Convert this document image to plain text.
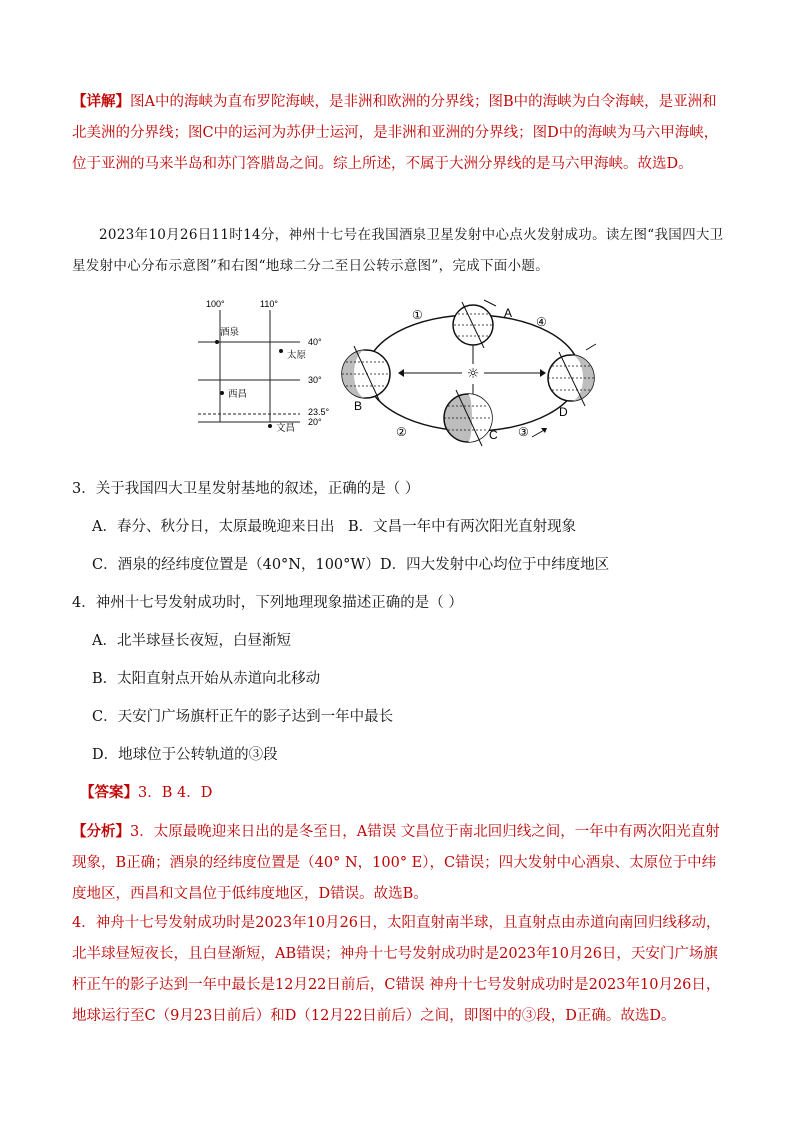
【详解】图A中的海峡为直布罗陀海峡，是非洲和欧洲的分界线；图B中的海峡为白令海峡，是亚洲和北美洲的分界线；图C中的运河为苏伊士运河，是非洲和亚洲的分界线；图D中的海峡为马六甲海峡，位于亚洲的马来半岛和苏门答腊岛之间。综上所述，不属于大洲分界线的是马六甲海峡。故选D。
2023年10月26日11时14分，神州十七号在我国酒泉卫星发射中心点火发射成功。读左图“我国四大卫星发射中心分布示意图”和右图“地球二分二至日公转示意图”，完成下面小题。
100°	110°
40°
30°
23.5°
20°
酒泉
太原
西昌
文昌
☼
A
B
C
D
①
②	③
④
3．关于我国四大卫星发射基地的叙述，正确的是（ ）
A．春分、秋分日，太原最晚迎来日出 B．文昌一年中有两次阳光直射现象
C．酒泉的经纬度位置是（40°N，100°W） D．四大发射中心均位于中纬度地区
4．神州十七号发射成功时，下列地理现象描述正确的是（ ）
A．北半球昼长夜短，白昼渐短
B．太阳直射点开始从赤道向北移动
C．天安门广场旗杆正午的影子达到一年中最长
D．地球位于公转轨道的③段
【答案】3．B 4．D
【分析】3．太原最晚迎来日出的是冬至日，A错误 文昌位于南北回归线之间，一年中有两次阳光直射现象，B正确；酒泉的经纬度位置是（40° N，100° E），C错误；四大发射中心酒泉、太原位于中纬度地区，西昌和文昌位于低纬度地区，D错误。故选B。
4．神舟十七号发射成功时是2023年10月26日，太阳直射南半球，且直射点由赤道向南回归线移动，北半球昼短夜长，且白昼渐短，AB错误；神舟十七号发射成功时是2023年10月26日，天安门广场旗杆正午的影子达到一年中最长是12月22日前后，C错误 神舟十七号发射成功时是2023年10月26日，地球运行至C（9月23日前后）和D（12月22日前后）之间，即图中的③段，D正确。故选D。
